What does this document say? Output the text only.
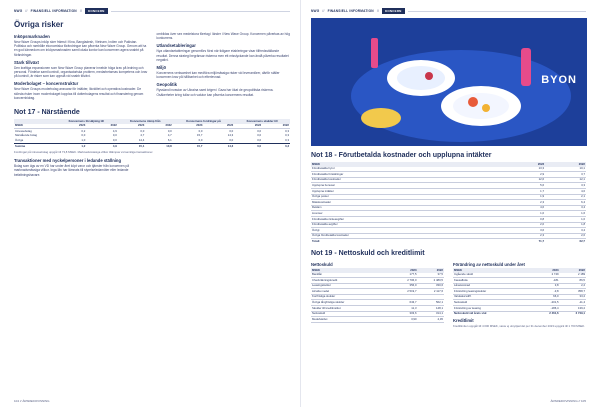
NWG // FINANSIELL INFORMATION //	KONCERN
Övriga risker
Inköpsmarknaden

New Wave Groups inköp sker främst i Kina, Bangladesh, Vietnam, Indien och Pakistan. Politiska och ramhålle ekonomiska förändringar kan påverka New Wave Group. Genom att ha en god kännedom om inköpsmarknaden samt lokala kontor kan koncernen agera snabbt på förändringar.

Stark tillväxt

Den kraftiga expansionen som New Wave Group planerar innebär höga krav på ledning och personal. Fördelar samt kontroll, organisatoriska problem, medarbetarnas kompetens och krav på kontroll, är risker som kan uppstå vid snabb tillväxt.

Moderbolaget – koncernstruktur

New Wave Groups moderbolag ansvarar för intäkter, likviditet och operativa kostnader. De största risker inom moderbolaget kopplas till dotterbolagens resultat och finansiering genom koncernbidrag.

ombildas över sex medelstora företag i länder i New Wave Group. Koncernen påverkas av hög konkurrens.

Utlandsetableringar

Nya utlandsetableringar genomförs först när tidigare etableringar visar tillfredsställande resultat. Denna strategi begränsar riskerna men ett misslyckande kan ändå påverka resultatet negativt.

Miljö

Koncernens verksamhet kan medföra miljömässiga risker vid leverantörer, därför ställer koncernen krav på hållbarhet och efterlevnad.

Geopolitik

Ryssland invasion av Ukraina samt krigen i Gaza har ökat de geopolitiska riskerna. Osäkerheter kring tullar och valutor kan påverka koncernens resultat.

Not 17 - Närstående
	Koncernens försäljning till		Koncernens inköp från		Koncernens fordringar på		Koncernens skulder till	
MSEK	2023	2022	2023	2022	2023	2022	2023	2022
Intressebolag	0,2	4,9	0,0	0,0	0,0	0,0	0,0	0,3
Närstående bolag	0,0	0,0	4,7	4,7	15,7	14,3	0,0	0,3
Övriga	1,0	0,0	14,4	6,1	0,0	0,0	0,0	0,3
Summa	1,2	4,9	15,1	10,8	15,7	14,3	0,0	0,3

Fordringar på intressebolag uppgår till 73,8 MSEK. Marknadsmässiga villkor tillämpas vid samtliga transaktioner.

Transaktioner med nyckelpersoner i ledande ställning

Bolag som ägs av en VD har under året köpt varor och tjänster från koncernen på marknadsmässiga villkor. Inga lån har lämnats till styrelseledamöter eller ledande befattningshavare.

104 // ÅRSREDOVISNING
NWG // FINANSIELL INFORMATION //	KONCERN
BYON
Not 18 - Förutbetalda kostnader och upplupna intäkter
MSEK	2023	2022
Förutbetalda hyror	13,3	10,1
Förutbetalda försäkringar	2,9	3,7
Förutbetalda kostnader	12,6	12,1
Upplupna bonusar	5,6	3,3
Upplupna intäkter	1,7	4,0
Övriga poster	1,9	2,1
Mässkostnader	2,3	6,4
Reklam	4,6	3,4
Licenser	1,0	1,6
Förutbetalda ränteavgifter	0,8	1,0
Förutbetalda avgifter	2,0	1,8
Övrigt	3,6	3,4
Övriga förutbetalda kostnader	2,3	2,0
Totalt	71,7	62,7
Not 19 - Nettoskuld och kreditlimit
Nettoskuld
MSEK	2023	2022
Banklån	177,5	37,5
Checkräkningskredit	2 706,0	2 480,5
Leasingskulder	356,0	330,6
Likvida medel	2 519,7	2 117,6
Kortfristiga skulder		
Övriga långfristiga skulder	643,7	562,1
Skulder till kreditinstitut	11,3	148,1
Nettoskuld	303,6	314,1
Medelvärdet	3,90	4,45
Förändring av nettoskuld under året
MSEK	2023	2022
Ingående skuld	2 749	2 189
Kassaflöde	-181	86,5
Lånekostnad	3,8	2,2
Förändring leasingskulder	-3,8	358,7
Valutakursdiff.	66,0	33,4
Nettoskuld	-201,5	-11,4
Förändring av leasing	-186,4	139,2
Nettoskuld vid årets slut	2 461,6	2 749,1
Kreditlimit

Kreditlimiten uppgår till 4 000 MSEK, varav ej utnyttjad del per 31 december 2023 uppgick till 1 700 MSEK.

ÅRSREDOVISNING // 105
